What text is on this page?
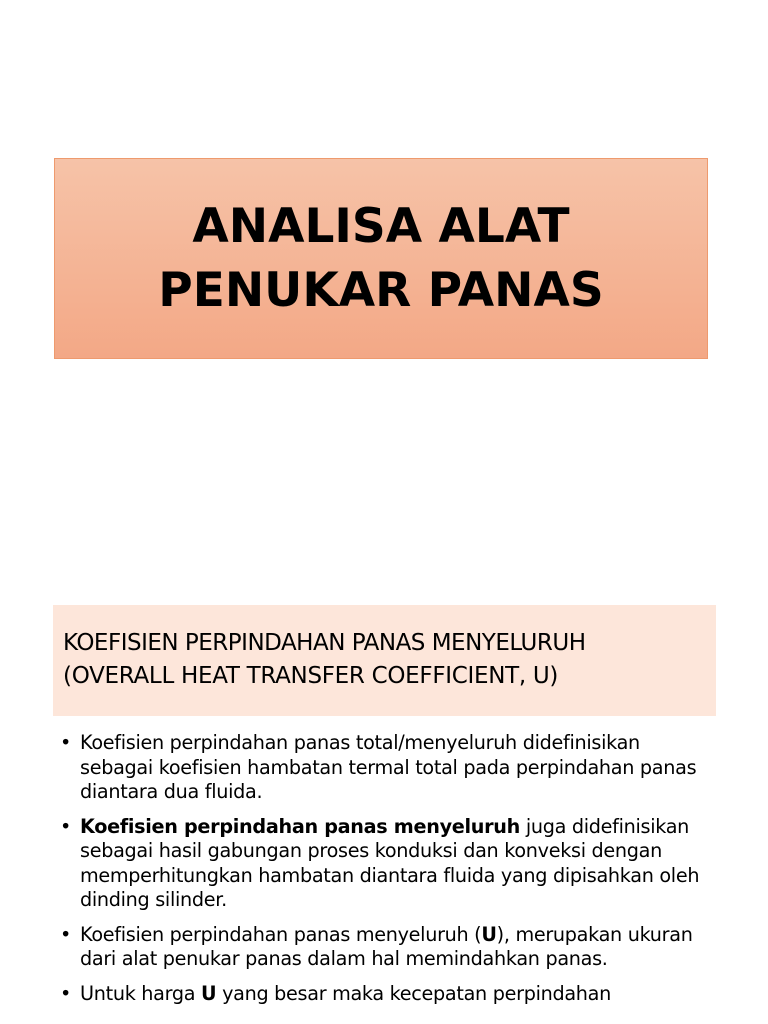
ANALISA ALAT
PENUKAR PANAS
KOEFISIEN PERPINDAHAN PANAS MENYELURUH
(OVERALL HEAT TRANSFER COEFFICIENT, U)
• Koefisien perpindahan panas total/menyeluruh didefinisikan sebagai koefisien hambatan termal total pada perpindahan panas diantara dua fluida.
• Koefisien perpindahan panas menyeluruh juga didefinisikan sebagai hasil gabungan proses konduksi dan konveksi dengan memperhitungkan hambatan diantara fluida yang dipisahkan oleh dinding silinder.
• Koefisien perpindahan panas menyeluruh (U), merupakan ukuran dari alat penukar panas dalam hal memindahkan panas.
• Untuk harga U yang besar maka kecepatan perpindahan
